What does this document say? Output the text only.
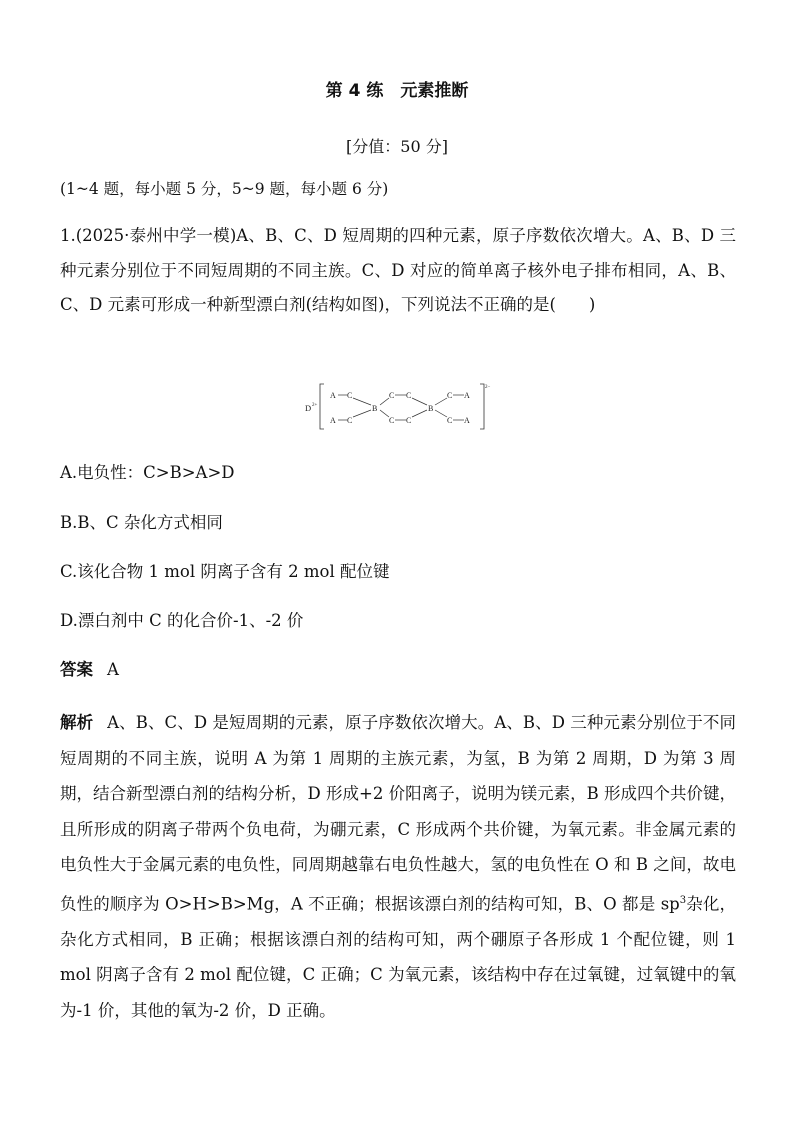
第 4 练　元素推断
[分值：50 分]
(1~4 题，每小题 5 分，5~9 题，每小题 6 分)
1.(2025·泰州中学一模)A、B、C、D 短周期的四种元素，原子序数依次增大。A、B、D 三种元素分别位于不同短周期的不同主族。C、D 对应的简单离子核外电子排布相同，A、B、C、D 元素可形成一种新型漂白剂(结构如图)，下列说法不正确的是(　　)
D 2+
2−
A C
A C
B
C C
C C
B
C A
C A
A.电负性：C>B>A>D
B.B、C 杂化方式相同
C.该化合物 1 mol 阴离子含有 2 mol 配位键
D.漂白剂中 C 的化合价-1、-2 价
答案 A
解析 A、B、C、D 是短周期的元素，原子序数依次增大。A、B、D 三种元素分别位于不同短周期的不同主族，说明 A 为第 1 周期的主族元素，为氢，B 为第 2 周期，D 为第 3 周期，结合新型漂白剂的结构分析，D 形成+2 价阳离子，说明为镁元素，B 形成四个共价键，且所形成的阴离子带两个负电荷，为硼元素，C 形成两个共价键，为氧元素。非金属元素的电负性大于金属元素的电负性，同周期越靠右电负性越大，氢的电负性在 O 和 B 之间，故电负性的顺序为 O>H>B>Mg，A 不正确；根据该漂白剂的结构可知，B、O 都是 $sp^3$杂化，杂化方式相同，B 正确；根据该漂白剂的结构可知，两个硼原子各形成 1 个配位键，则 1 mol 阴离子含有 2 mol 配位键，C 正确；C 为氧元素，该结构中存在过氧键，过氧键中的氧为-1 价，其他的氧为-2 价，D 正确。
